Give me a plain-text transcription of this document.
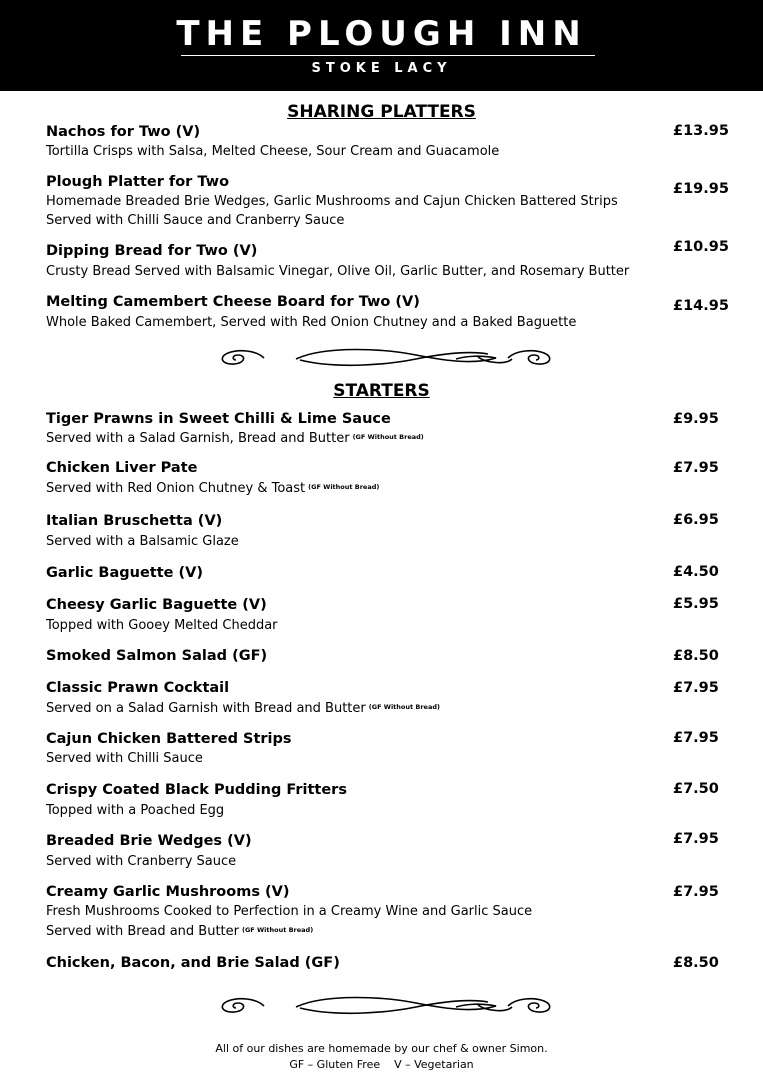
THE PLOUGH INN
STOKE LACY
SHARING PLATTERS
Nachos for Two (V)	£13.95
Tortilla Crisps with Salsa, Melted Cheese, Sour Cream and Guacamole
Plough Platter for Two	£19.95
Homemade Breaded Brie Wedges, Garlic Mushrooms and Cajun Chicken Battered Strips
Served with Chilli Sauce and Cranberry Sauce
Dipping Bread for Two (V)	£10.95
Crusty Bread Served with Balsamic Vinegar, Olive Oil, Garlic Butter, and Rosemary Butter
Melting Camembert Cheese Board for Two (V)	£14.95
Whole Baked Camembert, Served with Red Onion Chutney and a Baked Baguette
STARTERS
Tiger Prawns in Sweet Chilli & Lime Sauce	£9.95
Served with a Salad Garnish, Bread and Butter $^{(GF Without Bread)}$
Chicken Liver Pate	£7.95
Served with Red Onion Chutney & Toast $^{(GF Without Bread)}$
Italian Bruschetta (V)	£6.95
Served with a Balsamic Glaze
Garlic Baguette (V)	£4.50
Cheesy Garlic Baguette (V)	£5.95
Topped with Gooey Melted Cheddar
Smoked Salmon Salad (GF)	£8.50
Classic Prawn Cocktail	£7.95
Served on a Salad Garnish with Bread and Butter $^{(GF Without Bread)}$
Cajun Chicken Battered Strips	£7.95
Served with Chilli Sauce
Crispy Coated Black Pudding Fritters	£7.50
Topped with a Poached Egg
Breaded Brie Wedges (V)	£7.95
Served with Cranberry Sauce
Creamy Garlic Mushrooms (V)	£7.95
Fresh Mushrooms Cooked to Perfection in a Creamy Wine and Garlic Sauce
Served with Bread and Butter $^{(GF Without Bread)}$
Chicken, Bacon, and Brie Salad (GF)	£8.50
All of our dishes are homemade by our chef & owner Simon.
GF – Gluten Free    V – Vegetarian
